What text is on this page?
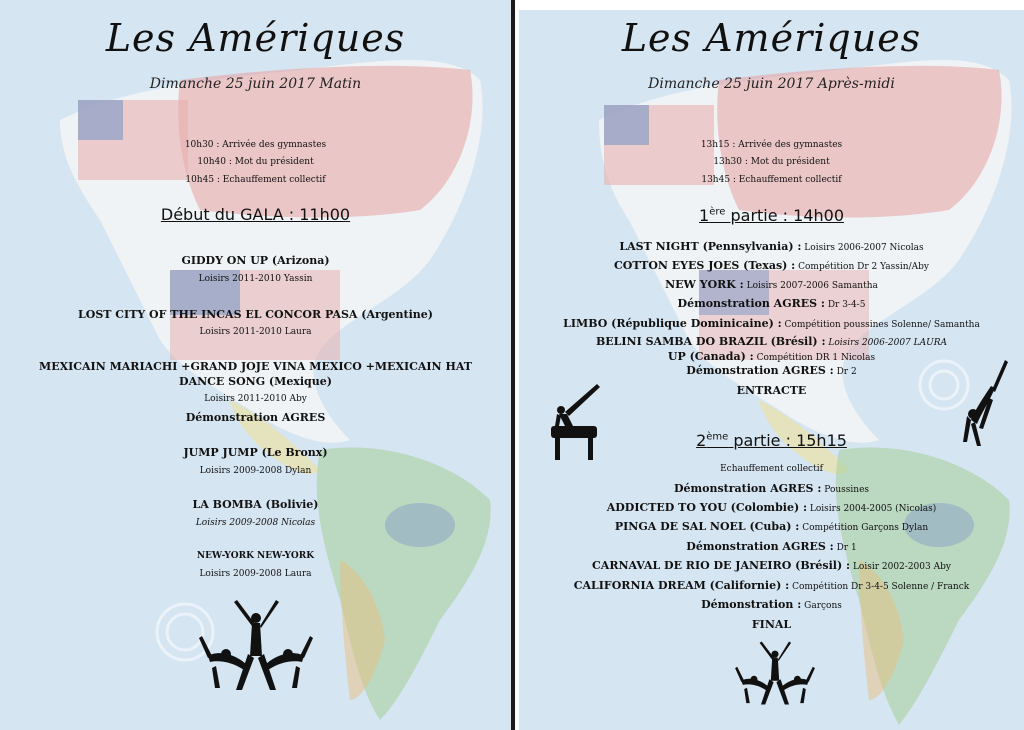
Les Amériques
Dimanche 25 juin 2017 Matin
10h30 : Arrivée des gymnastes
10h40 : Mot du président
10h45 : Echauffement collectif
Début du GALA : 11h00
GIDDY ON UP (Arizona)
Loisirs 2011-2010 Yassin
LOST CITY OF THE INCAS EL CONCOR PASA (Argentine)
Loisirs 2011-2010 Laura
MEXICAIN MARIACHI +GRAND JOJE VINA MEXICO +MEXICAIN HAT
DANCE SONG (Mexique)
Loisirs 2011-2010 Aby
Démonstration AGRES
JUMP JUMP (Le Bronx)
Loisirs 2009-2008 Dylan
LA BOMBA (Bolivie)
Loisirs 2009-2008 Nicolas
NEW-YORK NEW-YORK
Loisirs 2009-2008 Laura
Les Amériques
Dimanche 25 juin 2017 Après-midi
13h15 : Arrivée des gymnastes
13h30 : Mot du président
13h45 : Echauffement collectif
1ère partie : 14h00
LAST NIGHT (Pennsylvania) : Loisirs 2006-2007 Nicolas
COTTON EYES JOES (Texas) : Compétition Dr 2 Yassin/Aby
NEW YORK : Loisirs 2007-2006 Samantha
Démonstration AGRES : Dr 3-4-5
LIMBO (République Dominicaine) : Compétition poussines Solenne/ Samantha
BELINI SAMBA DO BRAZIL (Brésil) : Loisirs 2006-2007 LAURA
UP (Canada) : Compétition DR 1 Nicolas
Démonstration AGRES : Dr 2
ENTRACTE
2ème partie : 15h15
Echauffement collectif
Démonstration AGRES : Poussines
ADDICTED TO YOU (Colombie) : Loisirs 2004-2005 (Nicolas)
PINGA DE SAL NOEL (Cuba) : Compétition Garçons Dylan
Démonstration AGRES : Dr 1
CARNAVAL DE RIO DE JANEIRO (Brésil) : Loisir 2002-2003 Aby
CALIFORNIA DREAM (Californie) : Compétition Dr 3-4-5 Solenne / Franck
Démonstration : Garçons
FINAL
